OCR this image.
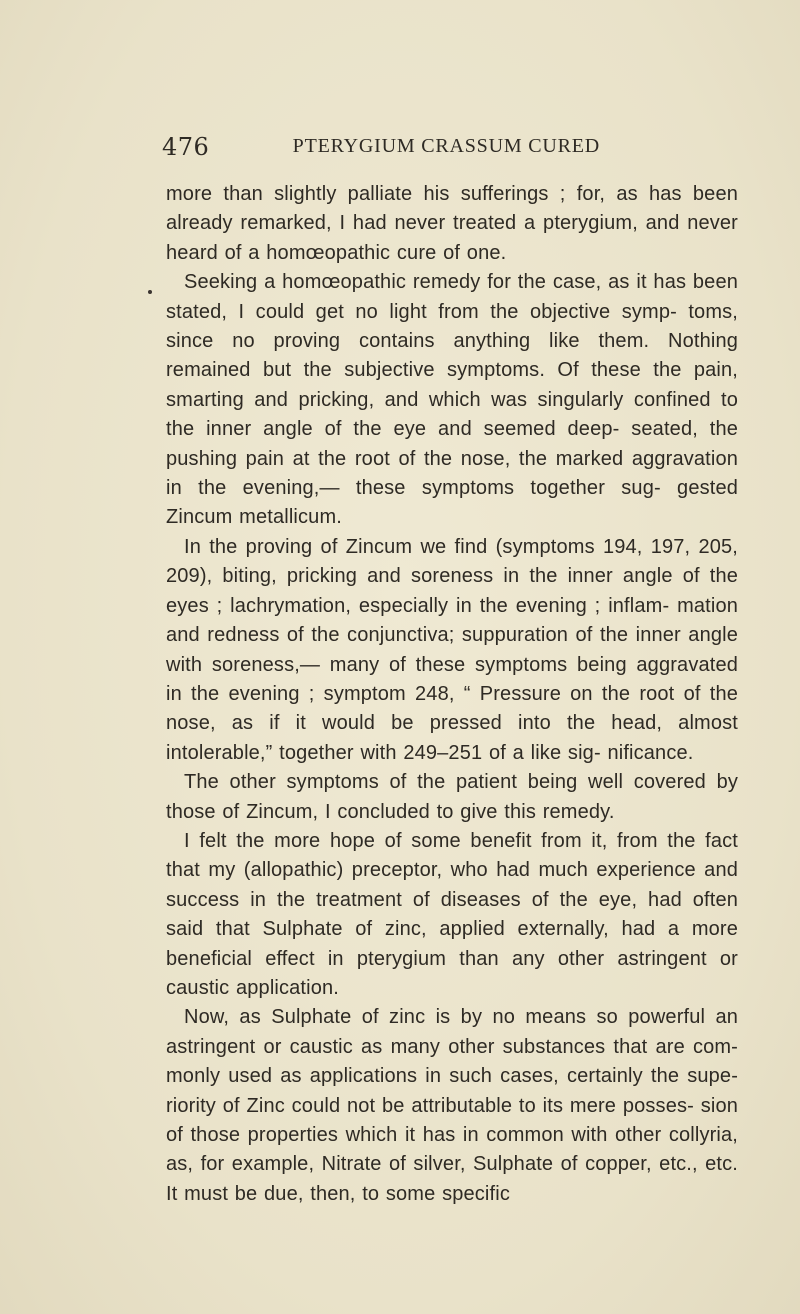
476	PTERYGIUM CRASSUM CURED

more than slightly palliate his sufferings ; for, as has been already remarked, I had never treated a pterygium, and never heard of a homœopathic cure of one.

Seeking a homœopathic remedy for the case, as it has been stated, I could get no light from the objective symp- toms, since no proving contains anything like them. Nothing remained but the subjective symptoms. Of these the pain, smarting and pricking, and which was singularly confined to the inner angle of the eye and seemed deep- seated, the pushing pain at the root of the nose, the marked aggravation in the evening,— these symptoms together sug- gested Zincum metallicum.

In the proving of Zincum we find (symptoms 194, 197, 205, 209), biting, pricking and soreness in the inner angle of the eyes ; lachrymation, especially in the evening ; inflam- mation and redness of the conjunctiva; suppuration of the inner angle with soreness,— many of these symptoms being aggravated in the evening ; symptom 248, “ Pressure on the root of the nose, as if it would be pressed into the head, almost intolerable,” together with 249–251 of a like sig- nificance.

The other symptoms of the patient being well covered by those of Zincum, I concluded to give this remedy.

I felt the more hope of some benefit from it, from the fact that my (allopathic) preceptor, who had much experience and success in the treatment of diseases of the eye, had often said that Sulphate of zinc, applied externally, had a more beneficial effect in pterygium than any other astringent or caustic application.

Now, as Sulphate of zinc is by no means so powerful an astringent or caustic as many other substances that are com- monly used as applications in such cases, certainly the supe- riority of Zinc could not be attributable to its mere posses- sion of those properties which it has in common with other collyria, as, for example, Nitrate of silver, Sulphate of copper, etc., etc. It must be due, then, to some specific
